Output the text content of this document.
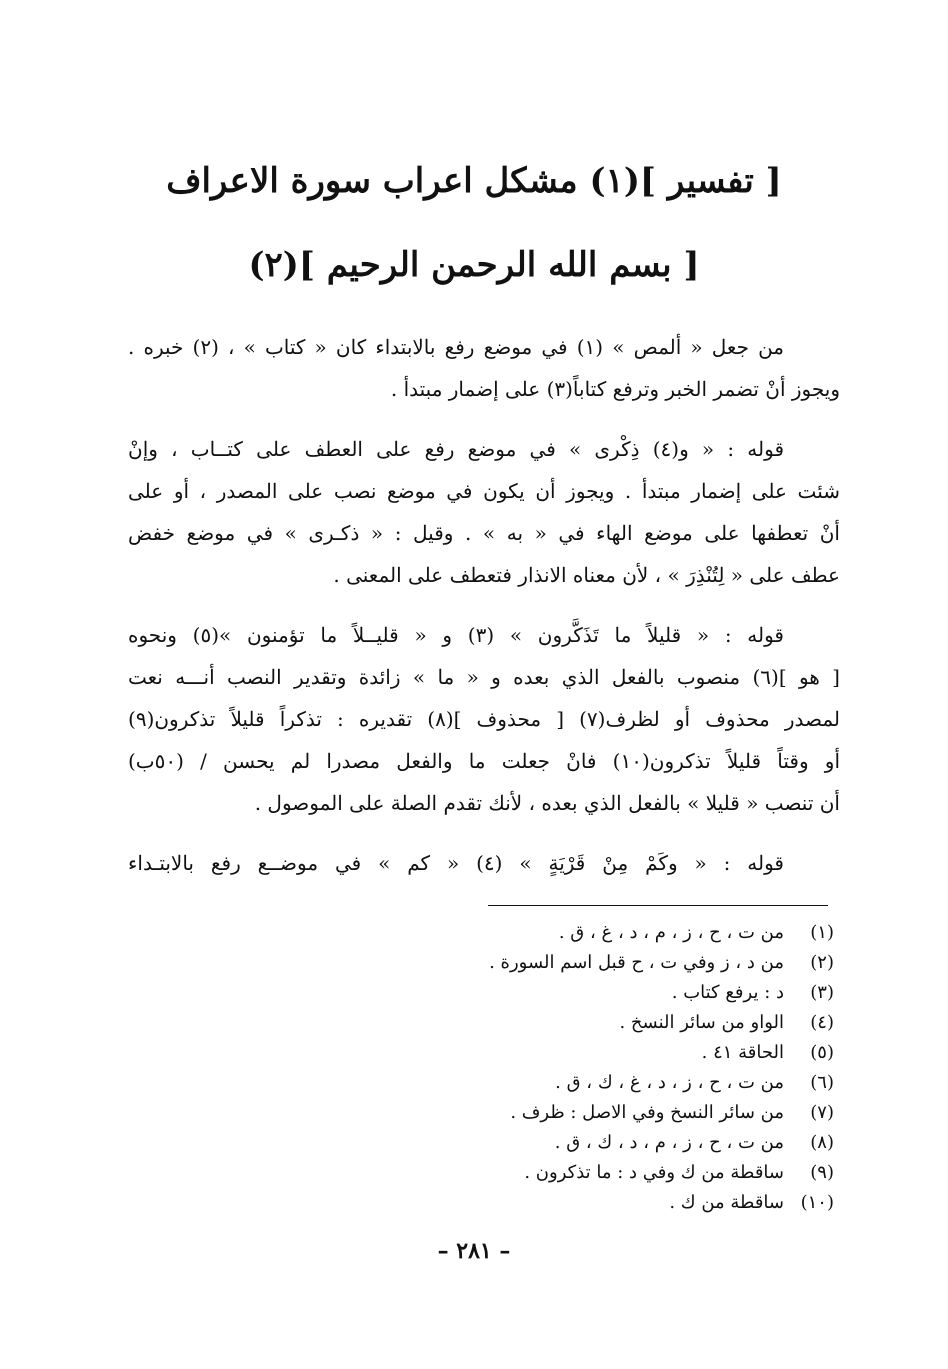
[ تفسير ](١) مشكل اعراب سورة الاعراف
[ بسم الله الرحمن الرحيم ](٢)
من جعل « ألمص » (١) في موضع رفع بالابتداء كان « كتاب » ، (٢) خبره .
ويجوز أنْ تضمر الخبر وترفع كتاباً(٣) على إضمار مبتدأ .
قوله : « و(٤) ذِكْرى » في موضع رفع على العطف على كتــاب ، وإنْ
شئت على إضمار مبتدأ . ويجوز أن يكون في موضع نصب على المصدر ، أو على
أنْ تعطفها على موضع الهاء في « به » . وقيل : « ذكـرى » في موضع خفض
عطف على « لِتُنْذِرَ » ، لأن معناه الانذار فتعطف على المعنى .
قوله : « قليلاً ما تَذَكَّرون » (٣) و « قليــلاً ما تؤمنون »(٥) ونحوه
[ هو ](٦) منصوب بالفعل الذي بعده و « ما » زائدة وتقدير النصب أنـــه نعت
لمصدر محذوف أو لظرف(٧) [ محذوف ](٨) تقديره : تذكراً قليلاً تذكرون(٩)
أو وقتاً قليلاً تذكرون(١٠) فانْ جعلت ما والفعل مصدرا لم يحسن / (٥٠ب)
أن تنصب « قليلا » بالفعل الذي بعده ، لأنك تقدم الصلة على الموصول .
قوله : « وكَمْ مِنْ قَرْيَةٍ » (٤) « كم » في موضــع رفع بالابتـداء
(١)
من ت ، ح ، ز ، م ، د ، غ ، ق .
(٢)
من د ، ز وفي ت ، ح قبل اسم السورة .
(٣)
د : يرفع كتاب .
(٤)
الواو من سائر النسخ .
(٥)
الحاقة ٤١ .
(٦)
من ت ، ح ، ز ، د ، غ ، ك ، ق .
(٧)
من سائر النسخ وفي الاصل : ظرف .
(٨)
من ت ، ح ، ز ، م ، د ، ك ، ق .
(٩)
ساقطة من ك وفي د : ما تذكرون .
(١٠)
ساقطة من ك .
– ٢٨١ –
